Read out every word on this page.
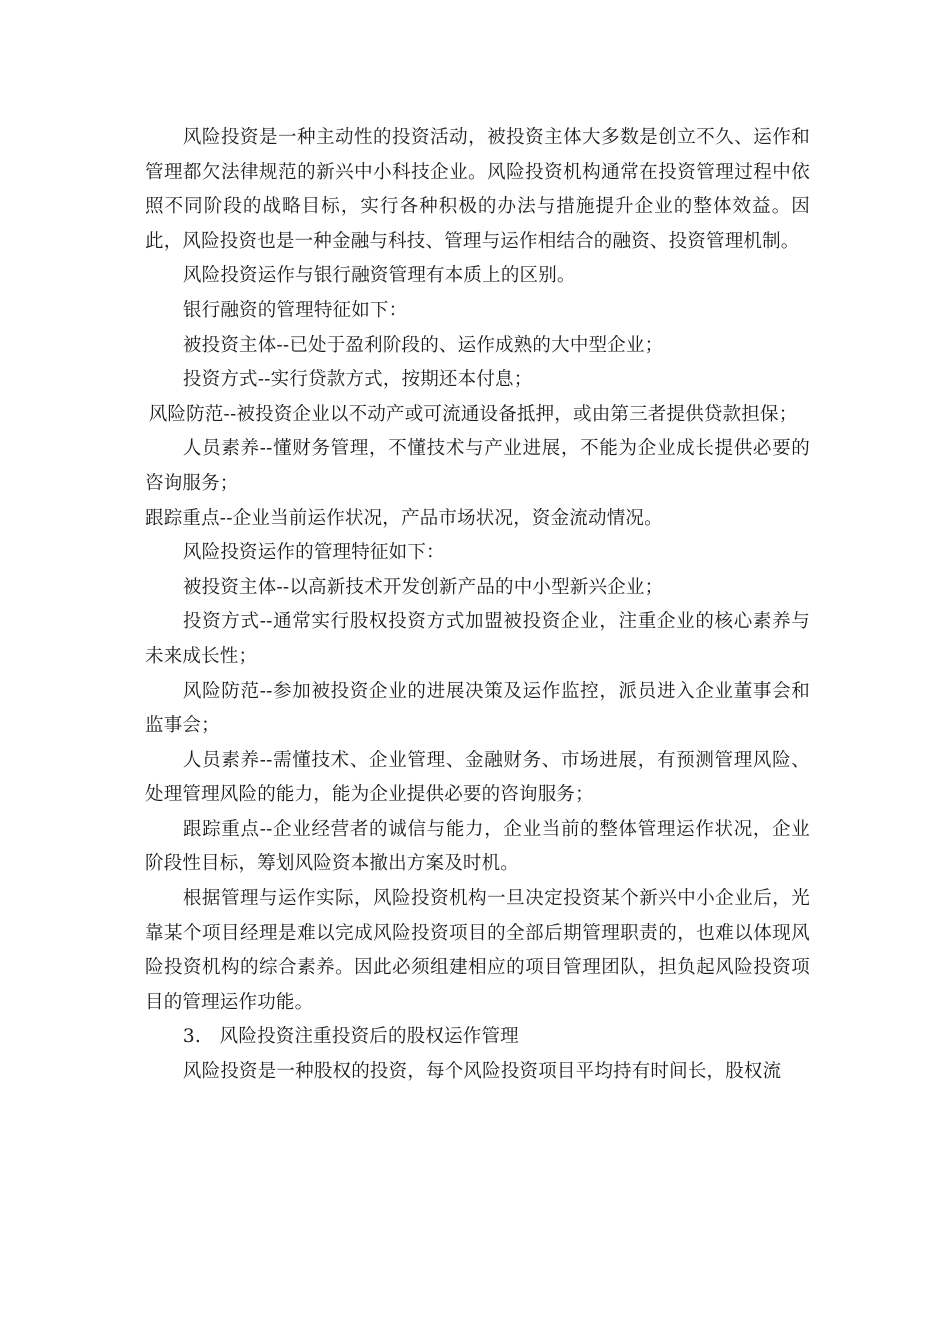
风险投资是一种主动性的投资活动，被投资主体大多数是创立不久、运作和管理都欠法律规范的新兴中小科技企业。风险投资机构通常在投资管理过程中依照不同阶段的战略目标，实行各种积极的办法与措施提升企业的整体效益。因此，风险投资也是一种金融与科技、管理与运作相结合的融资、投资管理机制。

风险投资运作与银行融资管理有本质上的区别。

银行融资的管理特征如下：

被投资主体--已处于盈利阶段的、运作成熟的大中型企业；

投资方式--实行贷款方式，按期还本付息；

风险防范--被投资企业以不动产或可流通设备抵押，或由第三者提供贷款担保；

人员素养--懂财务管理，不懂技术与产业进展，不能为企业成长提供必要的咨询服务；

跟踪重点--企业当前运作状况，产品市场状况，资金流动情况。

风险投资运作的管理特征如下：

被投资主体--以高新技术开发创新产品的中小型新兴企业；

投资方式--通常实行股权投资方式加盟被投资企业，注重企业的核心素养与未来成长性；

风险防范--参加被投资企业的进展决策及运作监控，派员进入企业董事会和监事会；

人员素养--需懂技术、企业管理、金融财务、市场进展，有预测管理风险、处理管理风险的能力，能为企业提供必要的咨询服务；

跟踪重点--企业经营者的诚信与能力，企业当前的整体管理运作状况，企业阶段性目标，筹划风险资本撤出方案及时机。

根据管理与运作实际，风险投资机构一旦决定投资某个新兴中小企业后，光靠某个项目经理是难以完成风险投资项目的全部后期管理职责的，也难以体现风险投资机构的综合素养。因此必须组建相应的项目管理团队，担负起风险投资项目的管理运作功能。

3.　风险投资注重投资后的股权运作管理

风险投资是一种股权的投资，每个风险投资项目平均持有时间长，股权流
